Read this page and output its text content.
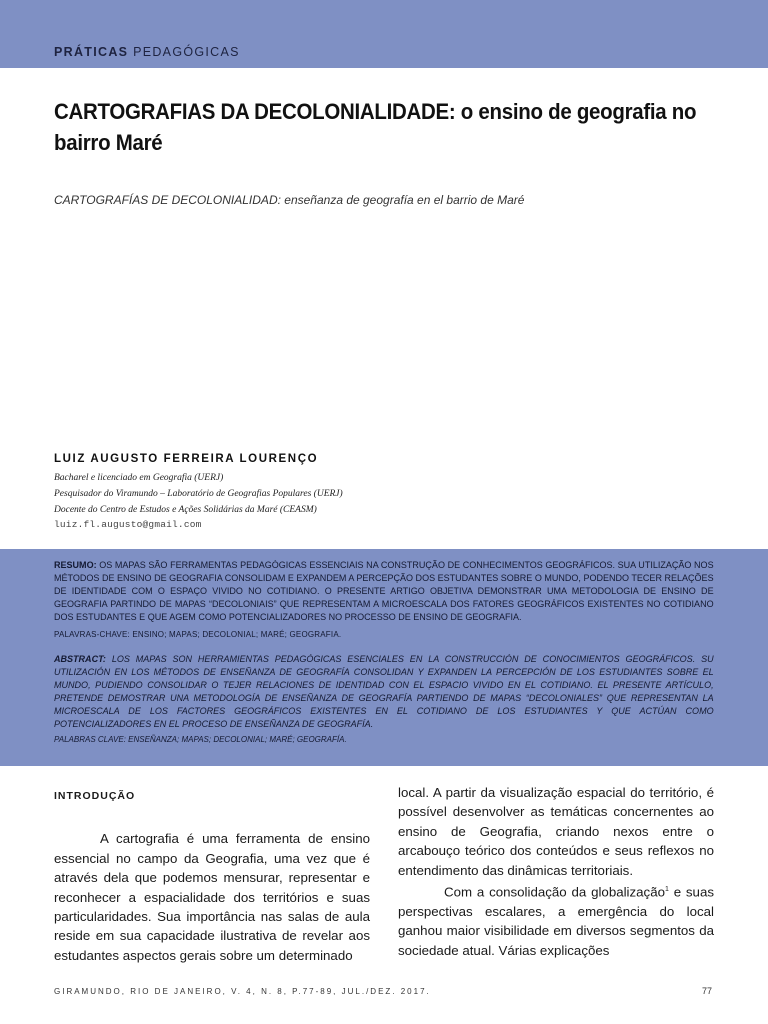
PRÁTICAS PEDAGÓGICAS
CARTOGRAFIAS DA DECOLONIALIDADE: o ensino de geografia no bairro Maré
CARTOGRAFÍAS DE DECOLONIALIDAD: enseñanza de geografía en el barrio de Maré
LUIZ AUGUSTO FERREIRA LOURENÇO
Bacharel e licenciado em Geografia (UERJ)
Pesquisador do Viramundo – Laboratório de Geografias Populares (UERJ)
Docente do Centro de Estudos e Ações Solidárias da Maré (CEASM)
luiz.fl.augusto@gmail.com
RESUMO: OS MAPAS SÃO FERRAMENTAS PEDAGÓGICAS ESSENCIAIS NA CONSTRUÇÃO DE CONHECIMENTOS GEOGRÁFICOS. SUA UTILIZAÇÃO NOS MÉTODOS DE ENSINO DE GEOGRAFIA CONSOLIDAM E EXPANDEM A PERCEPÇÃO DOS ESTUDANTES SOBRE O MUNDO, PODENDO TECER RELAÇÕES DE IDENTIDADE COM O ESPAÇO VIVIDO NO COTIDIANO. O PRESENTE ARTIGO OBJETIVA DEMONSTRAR UMA METODOLOGIA DE ENSINO DE GEOGRAFIA PARTINDO DE MAPAS “DECOLONIAIS” QUE REPRESENTAM A MICROESCALA DOS FATORES GEOGRÁFICOS EXISTENTES NO COTIDIANO DOS ESTUDANTES E QUE AGEM COMO POTENCIALIZADORES NO PROCESSO DE ENSINO DE GEOGRAFIA.
PALAVRAS-CHAVE: ENSINO; MAPAS; DECOLONIAL; MARÉ; GEOGRAFIA.
ABSTRACT: LOS MAPAS SON HERRAMIENTAS PEDAGÓGICAS ESENCIALES EN LA CONSTRUCCIÓN DE CONOCIMIENTOS GEOGRÁFICOS. SU UTILIZACIÓN EN LOS MÉTODOS DE ENSEÑANZA DE GEOGRAFÍA CONSOLIDAN Y EXPANDEN LA PERCEPCIÓN DE LOS ESTUDIANTES SOBRE EL MUNDO, PUDIENDO CONSOLIDAR O TEJER RELACIONES DE IDENTIDAD CON EL ESPACIO VIVIDO EN EL COTIDIANO. EL PRESENTE ARTÍCULO, PRETENDE DEMOSTRAR UNA METODOLOGÍA DE ENSEÑANZA DE GEOGRAFÍA PARTIENDO DE MAPAS “DECOLONIALES” QUE REPRESENTAN LA MICROESCALA DE LOS FACTORES GEOGRÁFICOS EXISTENTES EN EL COTIDIANO DE LOS ESTUDIANTES Y QUE ACTÚAN COMO POTENCIALIZADORES EN EL PROCESO DE ENSEÑANZA DE GEOGRAFÍA.
PALABRAS CLAVE: ENSEÑANZA; MAPAS; DECOLONIAL; MARÉ; GEOGRAFÍA.
INTRODUÇÃO

A cartografia é uma ferramenta de ensino essencial no campo da Geografia, uma vez que é através dela que podemos mensurar, representar e reconhecer a espacialidade dos territórios e suas particularidades. Sua importância nas salas de aula reside em sua capacidade ilustrativa de revelar aos estudantes aspectos gerais sobre um determinado

local. A partir da visualização espacial do território, é possível desenvolver as temáticas concernentes ao ensino de Geografia, criando nexos entre o arcabouço teórico dos conteúdos e seus reflexos no entendimento das dinâmicas territoriais.

Com a consolidação da globalização$^1$ e suas perspectivas escalares, a emergência do local ganhou maior visibilidade em diversos segmentos da sociedade atual. Várias explicações

GIRAMUNDO, RIO DE JANEIRO, V. 4, N. 8, P.77-89, JUL./DEZ. 2017.	77
